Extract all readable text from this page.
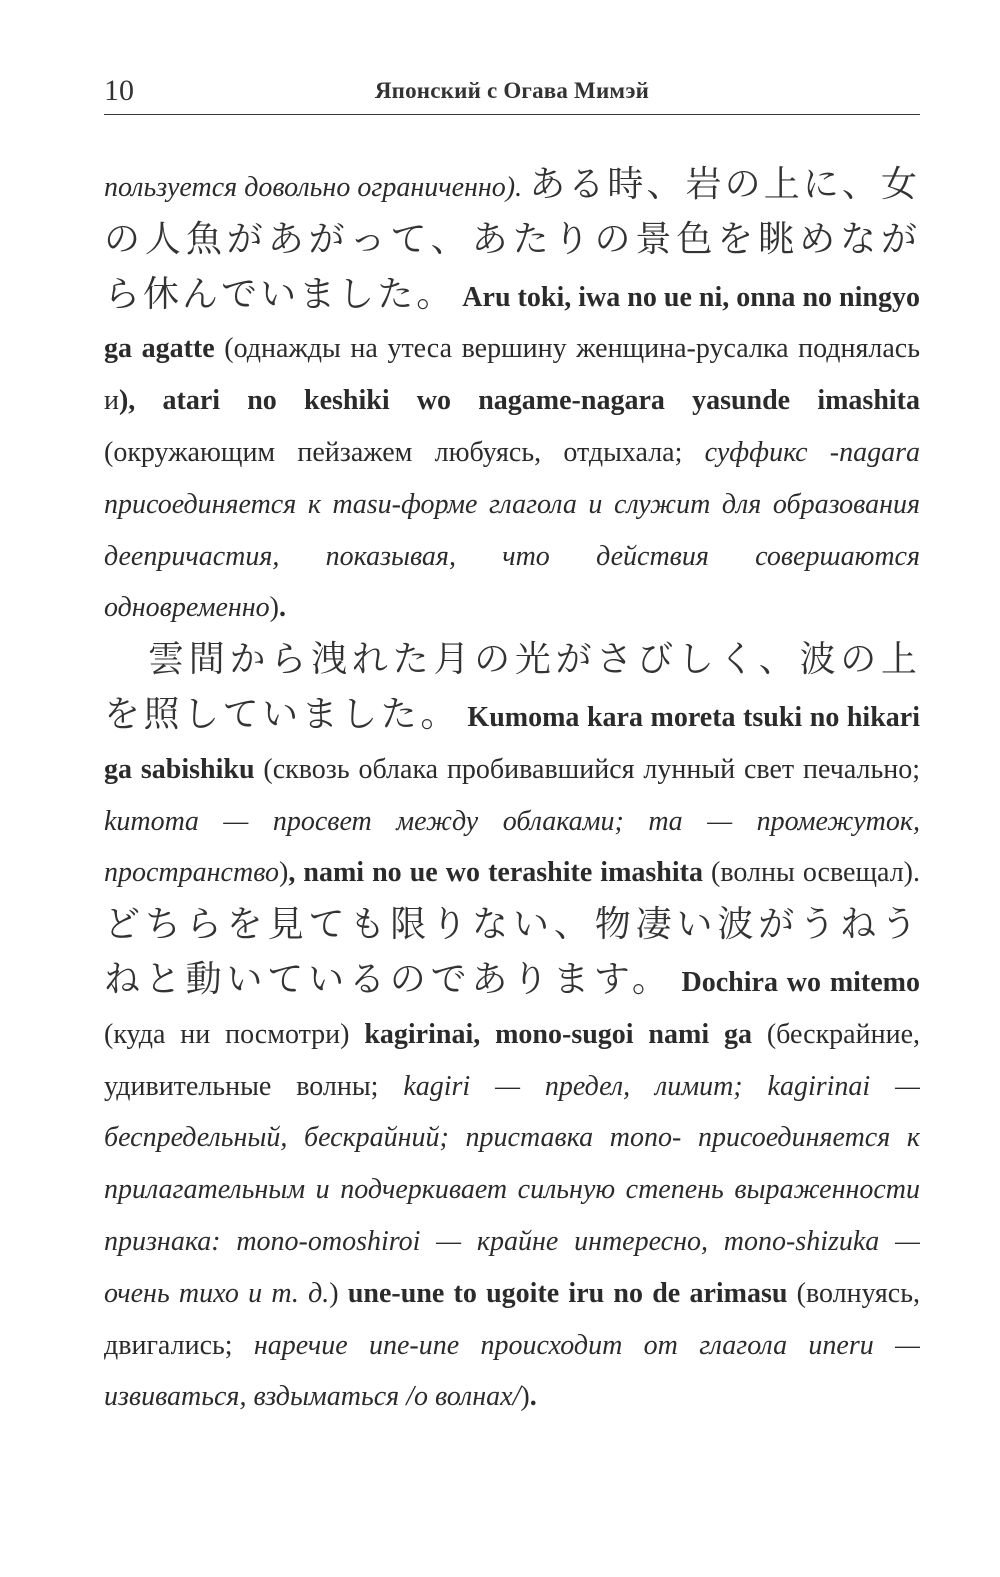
10	Японский с Огава Мимэй

пользуется довольно ограниченно). ある時、岩の上に、女の人魚があがって、あたりの景色を眺めながら休んでいました。 Aru toki, iwa no ue ni, onna no ningyo ga agatte (однажды на утеса вершину женщина-русалка поднялась и), atari no keshiki wo nagame-nagara yasunde imashita (окружающим пейзажем любуясь, отдыхала; суффикс -nagara присоединяется к masu-форме глагола и служит для образования деепричастия, показывая, что действия совершаются одновременно).

雲間から洩れた月の光がさびしく、波の上を照していました。 Kumoma kara moreta tsuki no hikari ga sabishiku (сквозь облака пробивавшийся лунный свет печально; kumoma — просвет между облаками; ma — промежуток, пространство), nami no ue wo terashite imashita (волны освещал). どちらを見ても限りない、物凄い波がうねうねと動いているのであります。 Dochira wo mitemo (куда ни посмотри) kagirinai, mono-sugoi nami ga (бескрайние, удивительные волны; kagiri — предел, лимит; kagirinai — беспредельный, бескрайний; приставка mono- присоединяется к прилагательным и подчеркивает сильную степень выраженности признака: mono-omoshiroi — крайне интересно, mono-shizuka — очень тихо и т. д.) une-une to ugoite iru no de arimasu (волнуясь, двигались; наречие une-une происходит от глагола uneru — извиваться, вздыматься /о волнах/).
